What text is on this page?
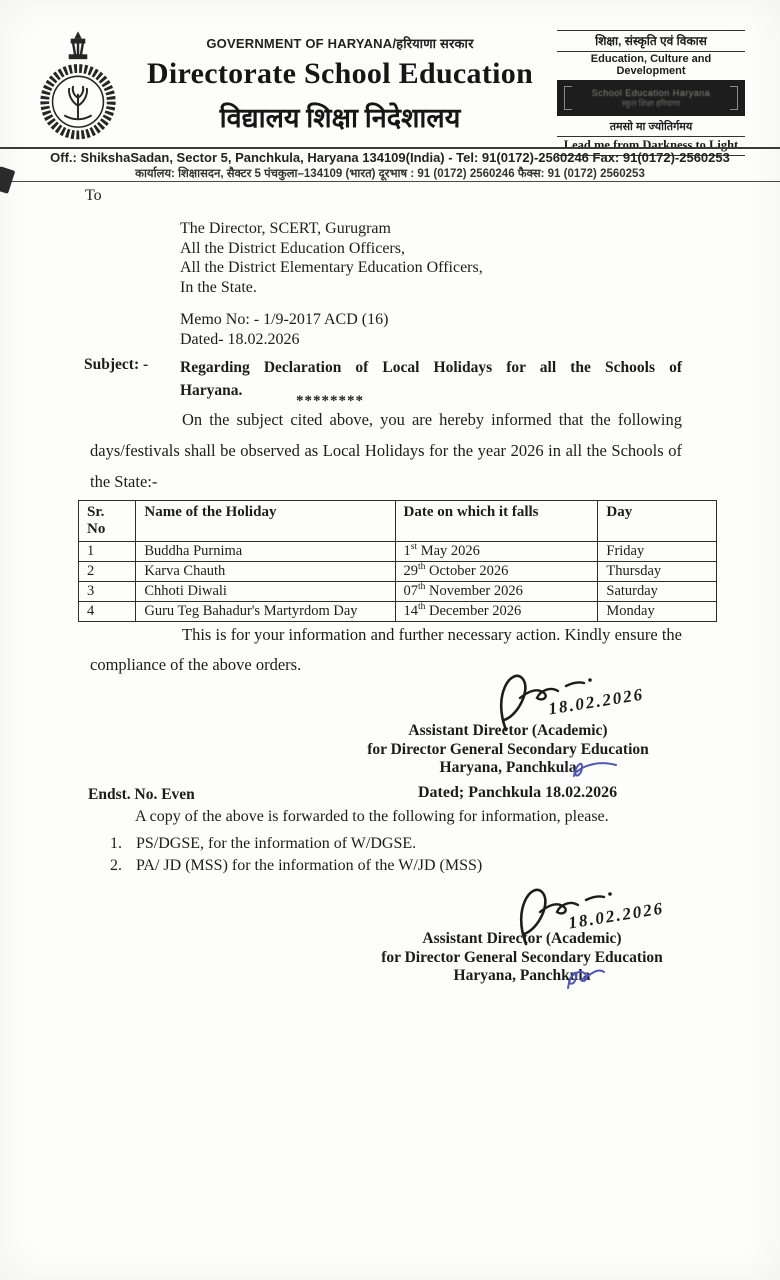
GOVERNMENT OF HARYANA/हरियाणा सरकार
Directorate School Education
विद्यालय शिक्षा निदेशालय
शिक्षा, संस्कृति एवं विकास
Education, Culture and Development
School Education Haryana
स्कूल शिक्षा हरियाणा
तमसो मा ज्योतिर्गमय
Lead me from Darkness to Light
Off.: ShikshaSadan, Sector 5, Panchkula, Haryana 134109(India) - Tel: 91(0172)-2560246 Fax: 91(0172)-2560253
कार्यालय: शिक्षासदन, सैक्टर 5 पंचकुला–134109 (भारत) दूरभाष : 91 (0172) 2560246 फैक्स: 91 (0172) 2560253
To
The Director, SCERT, Gurugram
All the District Education Officers,
All the District Elementary Education Officers,
In the State.
Memo No: - 1/9-2017 ACD (16)
Dated- 18.02.2026
Subject: - Regarding Declaration of Local Holidays for all the Schools of
Haryana.
********
On the subject cited above, you are hereby informed that the following days/festivals shall be observed as Local Holidays for the year 2026 in all the Schools of the State:-
Sr.
No	Name of the Holiday	Date on which it falls	Day
1	Buddha Purnima	1st May 2026	Friday
2	Karva Chauth	29th October 2026	Thursday
3	Chhoti Diwali	07th November 2026	Saturday
4	Guru Teg Bahadur's Martyrdom Day	14th December 2026	Monday
This is for your information and further necessary action. Kindly ensure the compliance of the above orders.
18.02.2026
Assistant Director (Academic)
for Director General Secondary Education
Haryana, Panchkula
Endst. No. Even	Dated; Panchkula 18.02.2026
A copy of the above is forwarded to the following for information, please.
1. PS/DGSE, for the information of W/DGSE.
2. PA/ JD (MSS) for the information of the W/JD (MSS)
18.02.2026
Assistant Director (Academic)
for Director General Secondary Education
Haryana, Panchkula
